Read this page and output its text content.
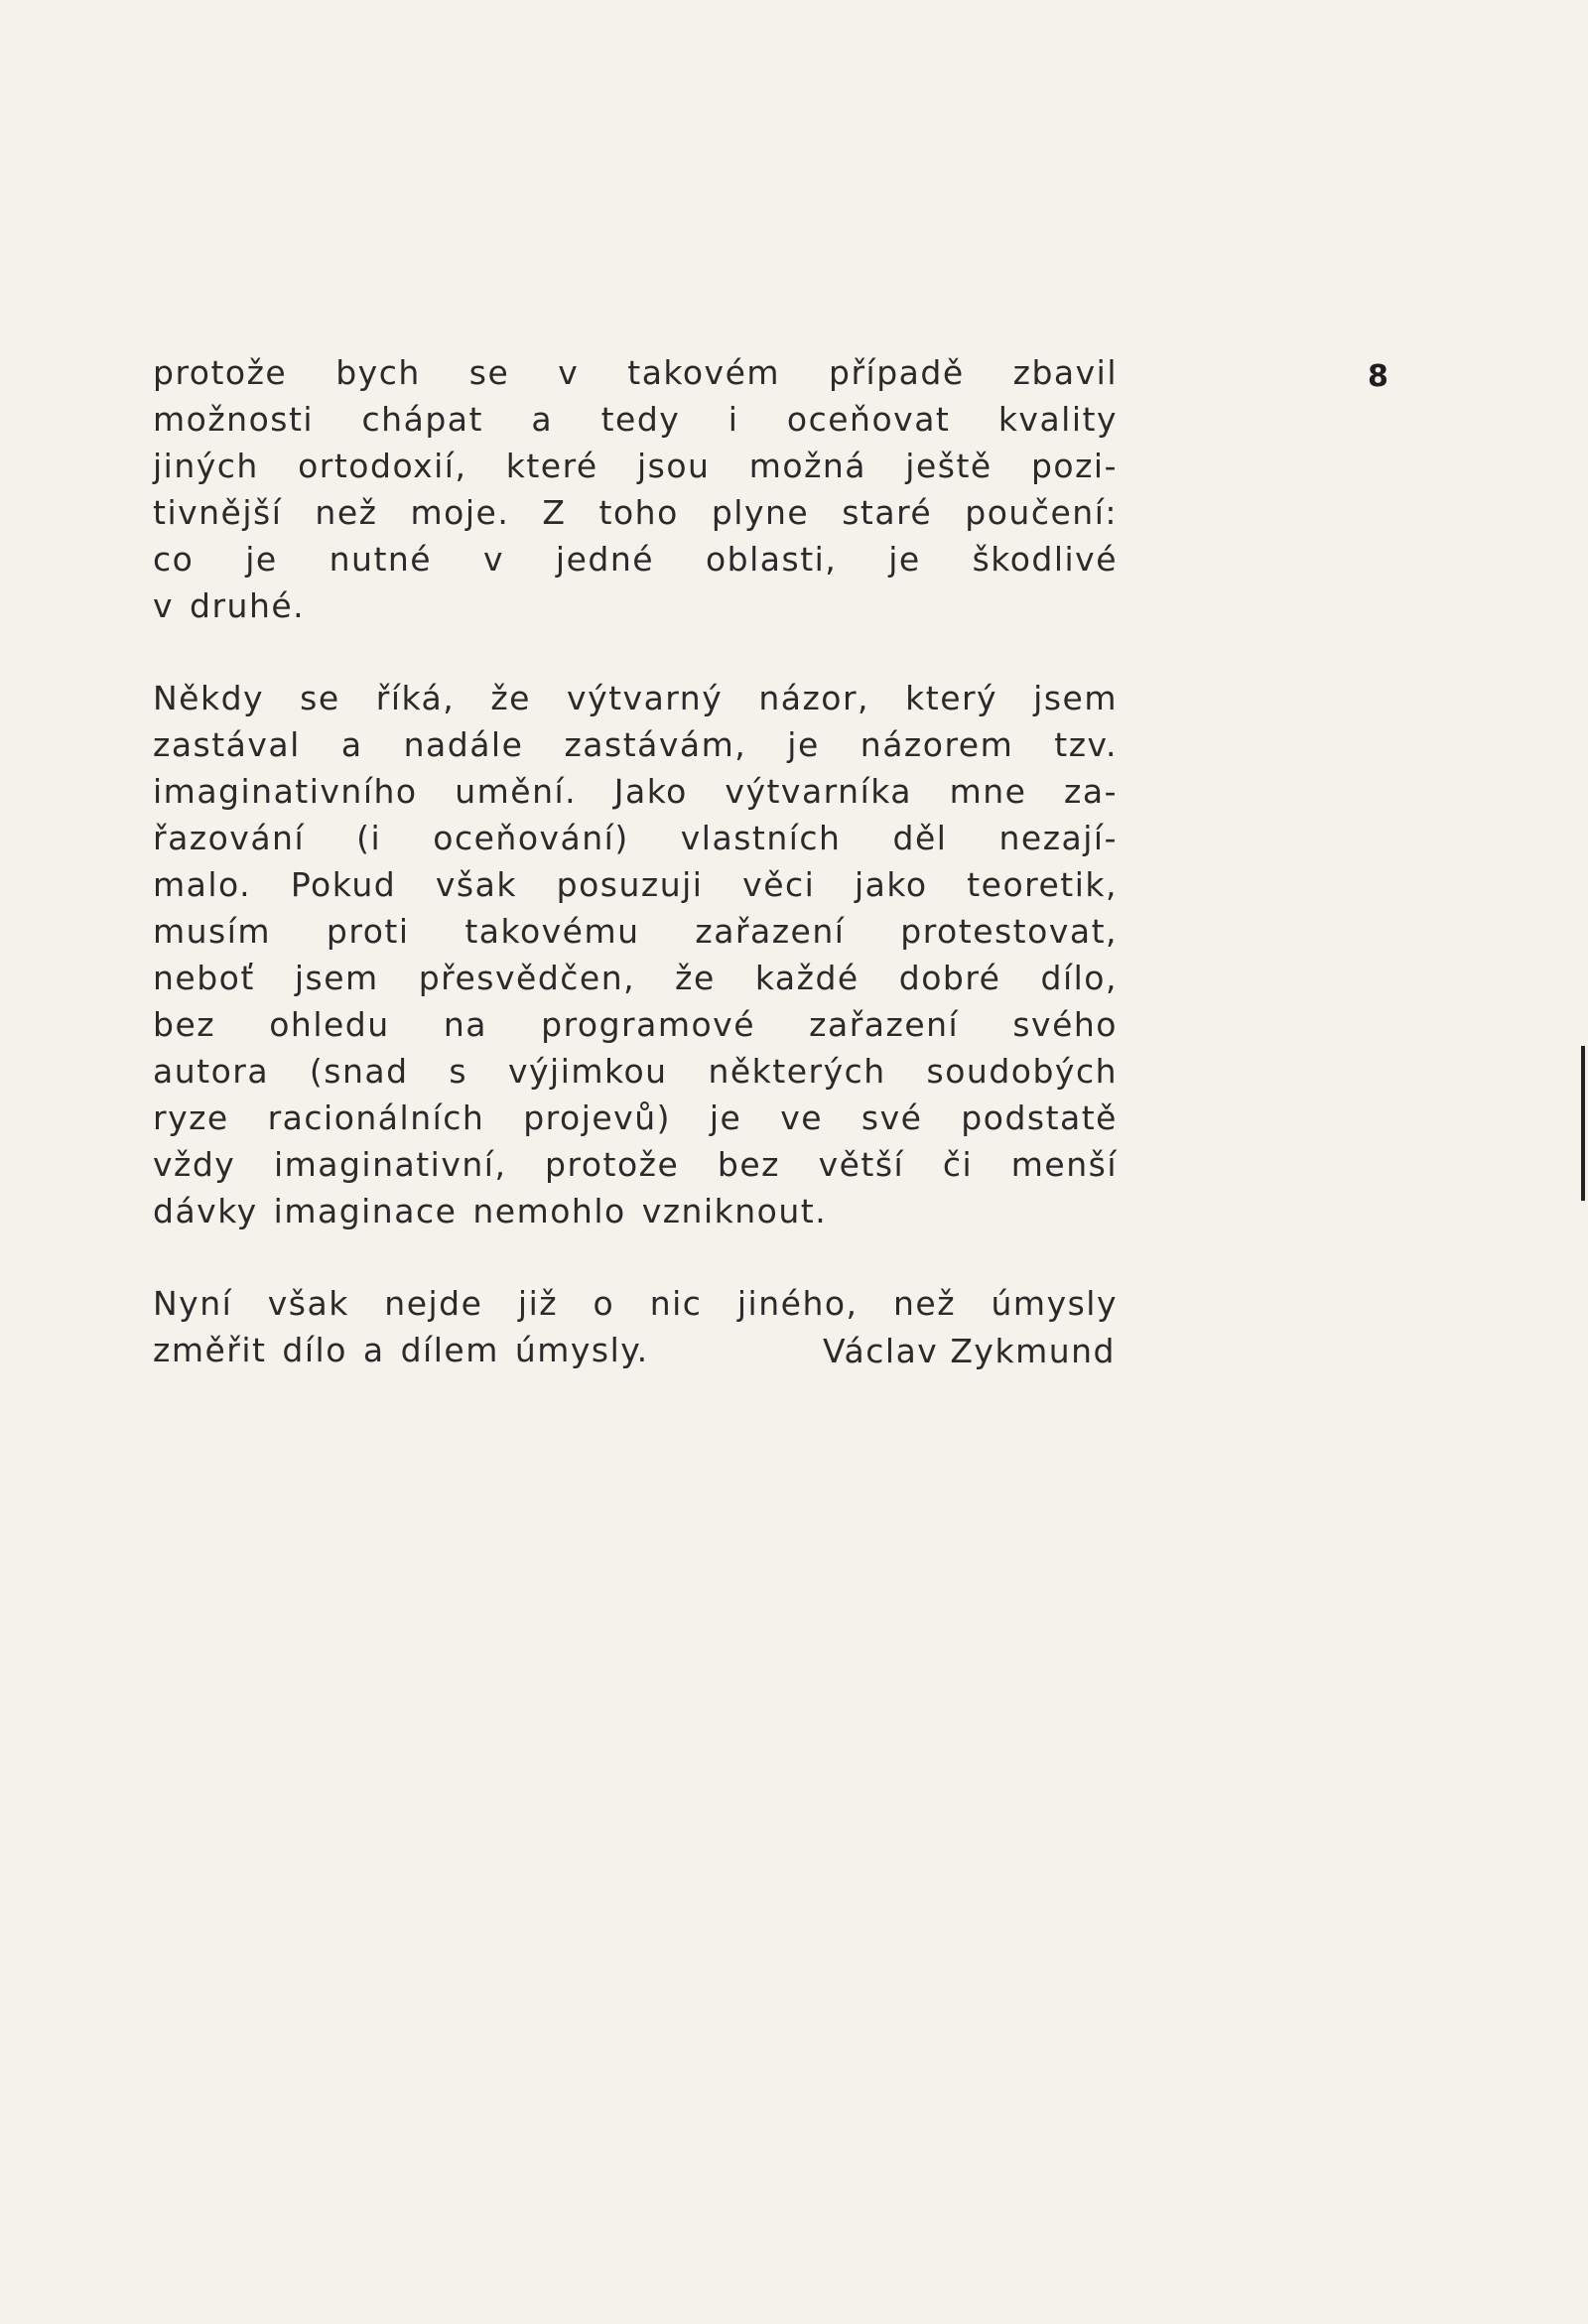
8
protože bych se v takovém případě zbavil
možnosti chápat a tedy i oceňovat kvality
jiných ortodoxií, které jsou možná ještě pozi-
tivnější než moje. Z toho plyne staré poučení:
co je nutné v jedné oblasti, je škodlivé
v druhé.
Někdy se říká, že výtvarný názor, který jsem
zastával a nadále zastávám, je názorem tzv.
imaginativního umění. Jako výtvarníka mne za-
řazování (i oceňování) vlastních děl nezají-
malo. Pokud však posuzuji věci jako teoretik,
musím proti takovému zařazení protestovat,
neboť jsem přesvědčen, že každé dobré dílo,
bez ohledu na programové zařazení svého
autora (snad s výjimkou některých soudobých
ryze racionálních projevů) je ve své podstatě
vždy imaginativní, protože bez větší či menší
dávky imaginace nemohlo vzniknout.
Nyní však nejde již o nic jiného, než úmysly
změřit dílo a dílem úmysly.	Václav Zykmund
